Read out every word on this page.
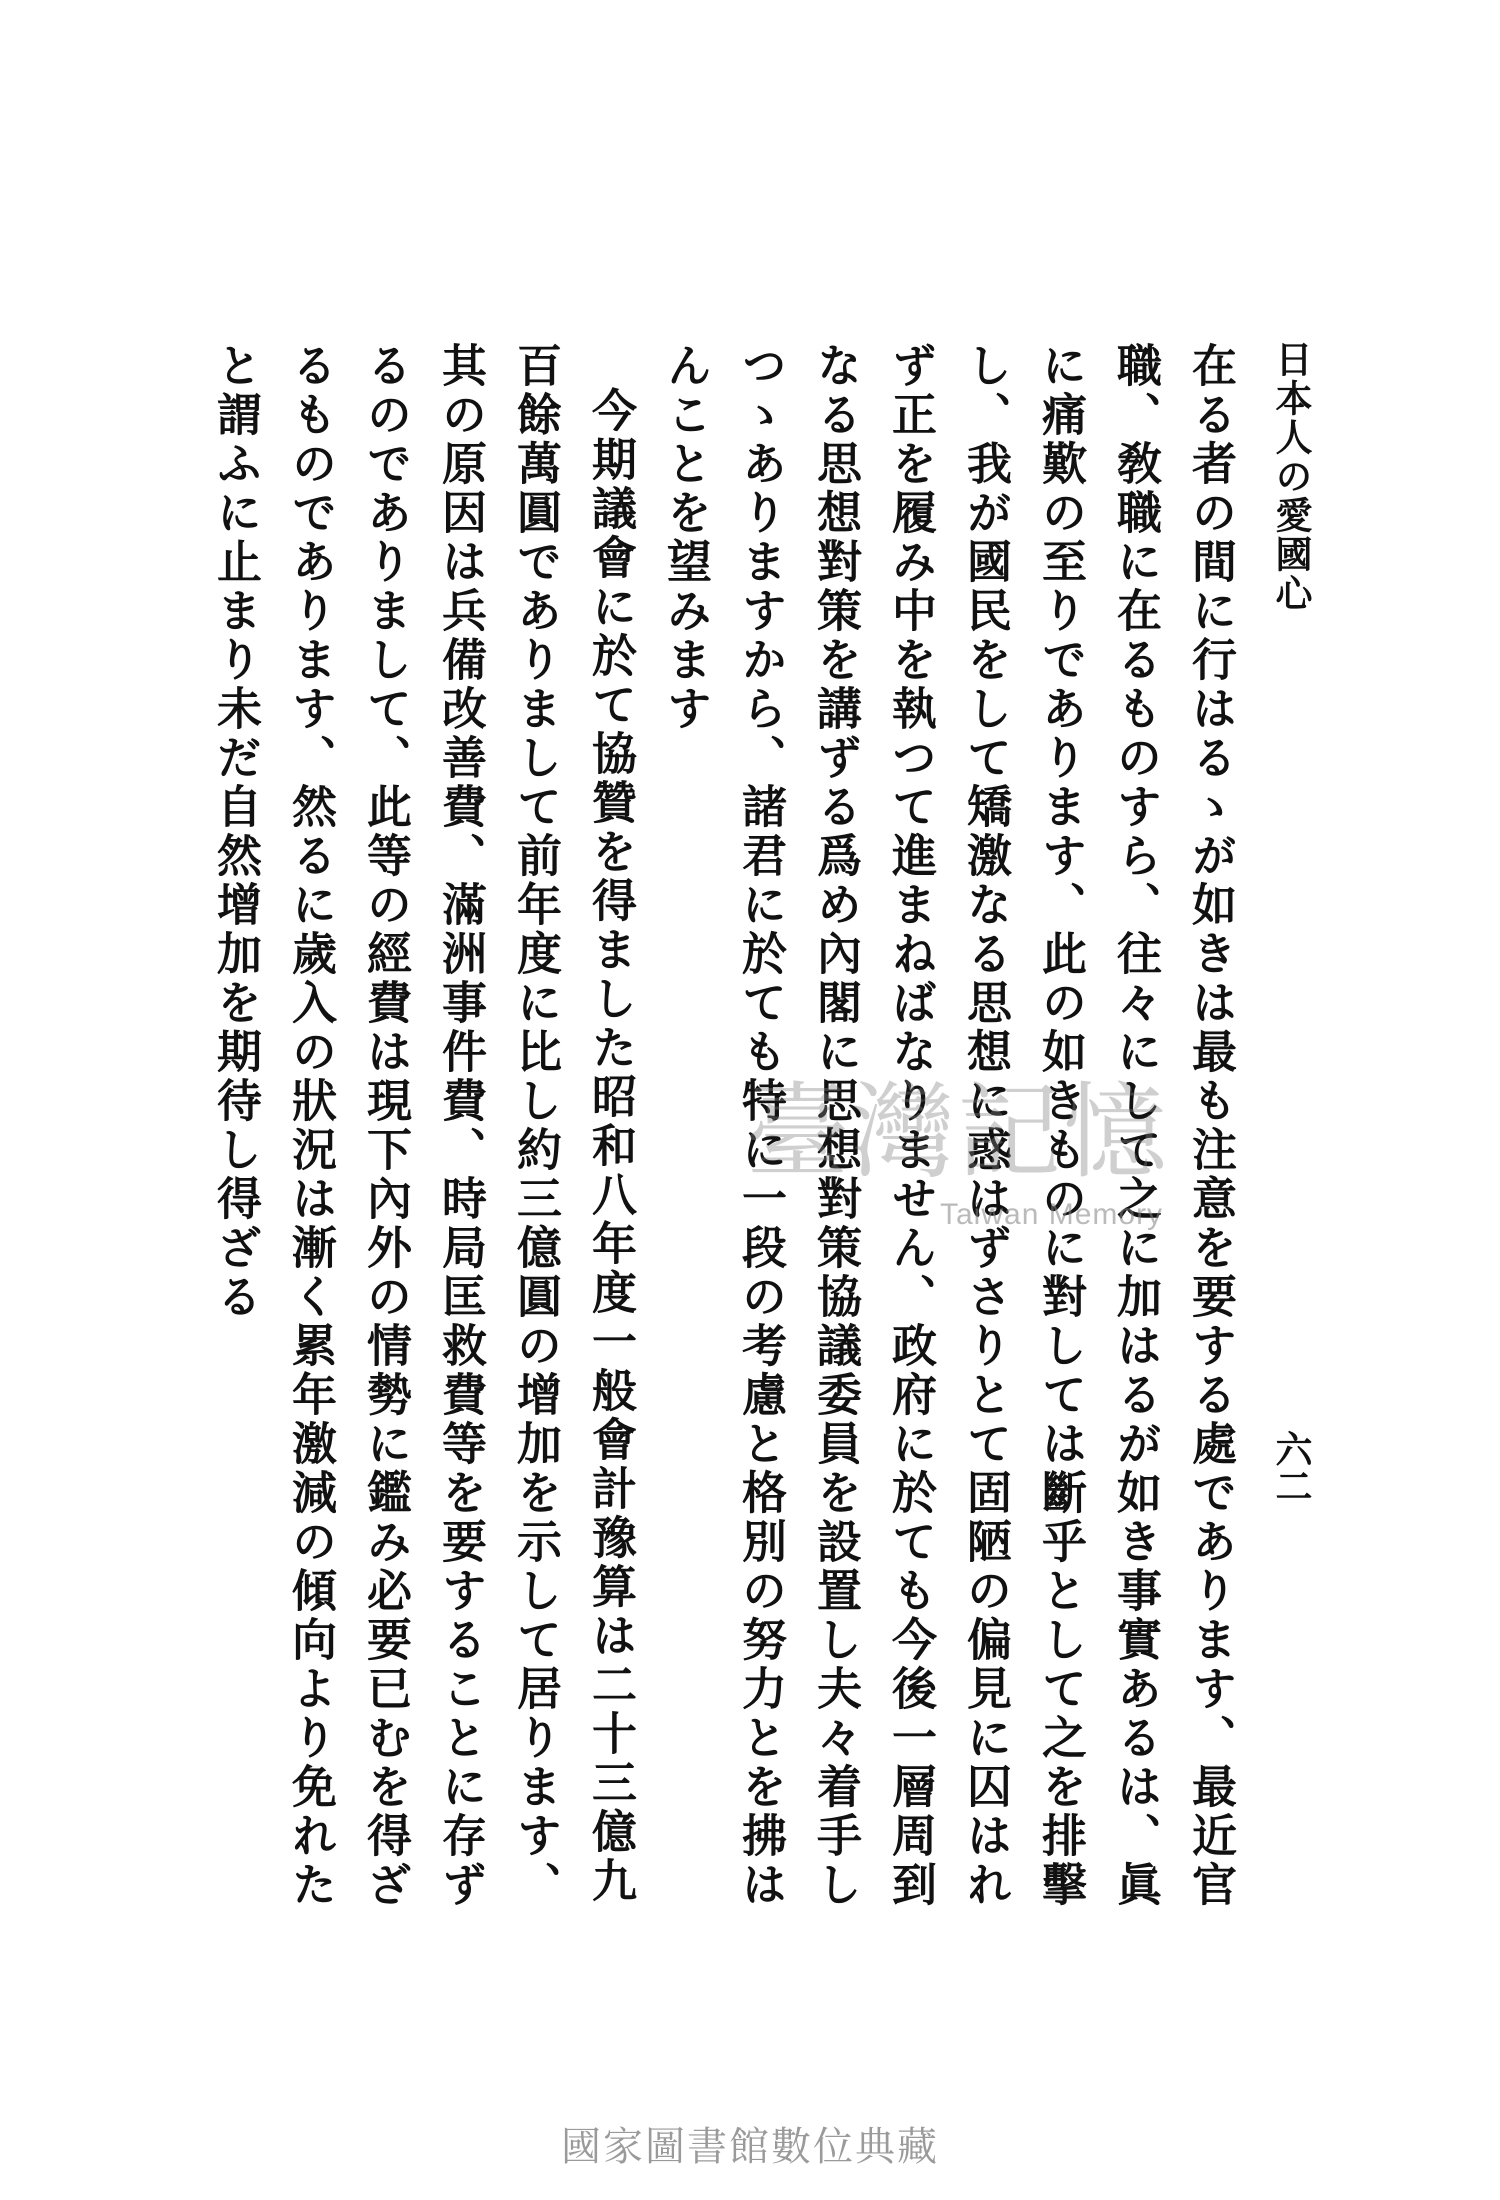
日本人の愛國心
六二

在る者の間に行はるゝが如きは最も注意を要する處であります、最近官職、敎職に在るものすら、往々にして之に加はるが如き事實あるは、眞に痛歎の至りであります、此の如きものに對しては斷乎として之を排擊し、我が國民をして矯激なる思想に惑はずさりとて固陋の偏見に囚はれず正を履み中を執つて進まねばなりません、政府に於ても今後一層周到なる思想對策を講ずる爲め內閣に思想對策協議委員を設置し夫々着手しつゝありますから、諸君に於ても特に一段の考慮と格別の努力とを拂はんことを望みます

今期議會に於て協贊を得ました昭和八年度一般會計豫算は二十三億九百餘萬圓でありまして前年度に比し約三億圓の增加を示して居ります、其の原因は兵備改善費、滿洲事件費、時局匡救費等を要することに存ずるのでありまして、此等の經費は現下內外の情勢に鑑み必要已むを得ざるものであります、然るに歲入の狀況は漸く累年激減の傾向より免れたと謂ふに止まり未だ自然增加を期待し得ざる	臺灣記憶
Taiwan Memory
國家圖書館數位典藏
